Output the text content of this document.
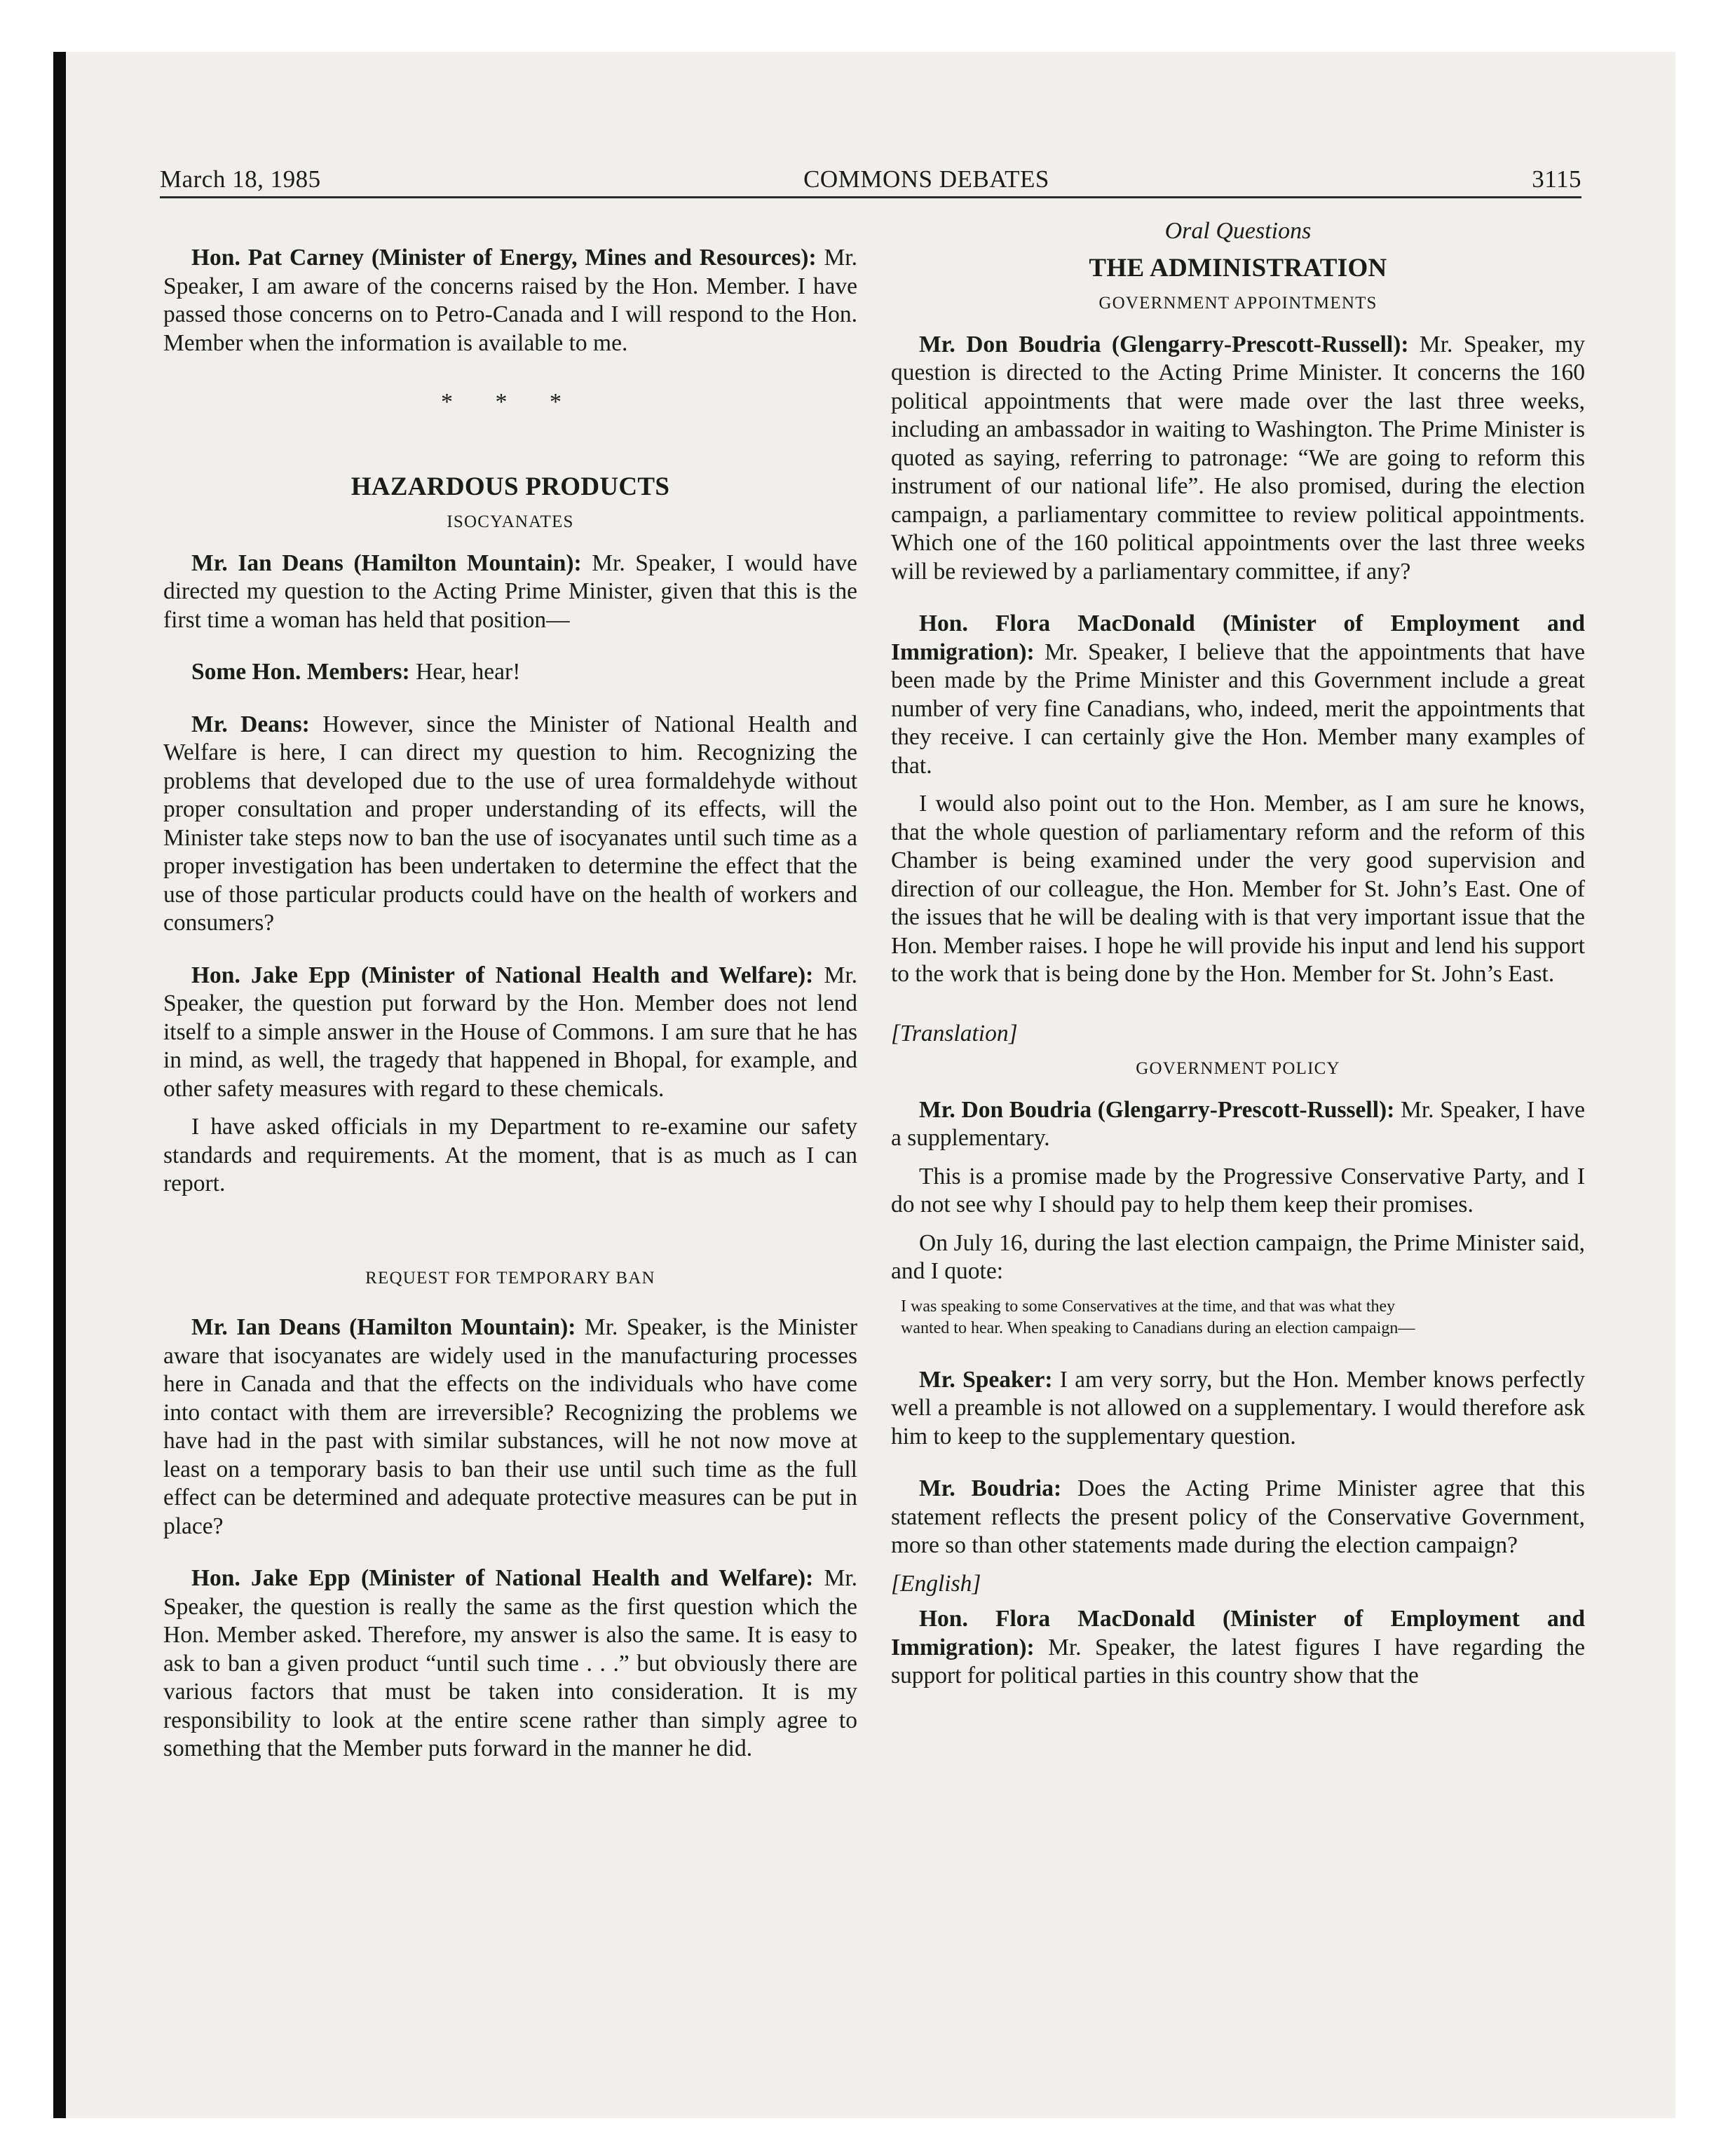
March 18, 1985	COMMONS DEBATES	3115

Hon. Pat Carney (Minister of Energy, Mines and Resources): Mr. Speaker, I am aware of the concerns raised by the Hon. Member. I have passed those concerns on to Petro-Canada and I will respond to the Hon. Member when the information is available to me.

* * *
HAZARDOUS PRODUCTS
ISOCYANATES

Mr. Ian Deans (Hamilton Mountain): Mr. Speaker, I would have directed my question to the Acting Prime Minister, given that this is the first time a woman has held that position—

Some Hon. Members: Hear, hear!

Mr. Deans: However, since the Minister of National Health and Welfare is here, I can direct my question to him. Recognizing the problems that developed due to the use of urea formaldehyde without proper consultation and proper understanding of its effects, will the Minister take steps now to ban the use of isocyanates until such time as a proper investigation has been undertaken to determine the effect that the use of those particular products could have on the health of workers and consumers?

Hon. Jake Epp (Minister of National Health and Welfare): Mr. Speaker, the question put forward by the Hon. Member does not lend itself to a simple answer in the House of Commons. I am sure that he has in mind, as well, the tragedy that happened in Bhopal, for example, and other safety measures with regard to these chemicals.

I have asked officials in my Department to re-examine our safety standards and requirements. At the moment, that is as much as I can report.

REQUEST FOR TEMPORARY BAN

Mr. Ian Deans (Hamilton Mountain): Mr. Speaker, is the Minister aware that isocyanates are widely used in the manufacturing processes here in Canada and that the effects on the individuals who have come into contact with them are irreversible? Recognizing the problems we have had in the past with similar substances, will he not now move at least on a temporary basis to ban their use until such time as the full effect can be determined and adequate protective measures can be put in place?

Hon. Jake Epp (Minister of National Health and Welfare): Mr. Speaker, the question is really the same as the first question which the Hon. Member asked. Therefore, my answer is also the same. It is easy to ask to ban a given product “until such time . . .” but obviously there are various factors that must be taken into consideration. It is my responsibility to look at the entire scene rather than simply agree to something that the Member puts forward in the manner he did.

Oral Questions
THE ADMINISTRATION
GOVERNMENT APPOINTMENTS

Mr. Don Boudria (Glengarry-Prescott-Russell): Mr. Speaker, my question is directed to the Acting Prime Minister. It concerns the 160 political appointments that were made over the last three weeks, including an ambassador in waiting to Washington. The Prime Minister is quoted as saying, referring to patronage: “We are going to reform this instrument of our national life”. He also promised, during the election campaign, a parliamentary committee to review political appointments. Which one of the 160 political appointments over the last three weeks will be reviewed by a parliamentary committee, if any?

Hon. Flora MacDonald (Minister of Employment and Immigration): Mr. Speaker, I believe that the appointments that have been made by the Prime Minister and this Government include a great number of very fine Canadians, who, indeed, merit the appointments that they receive. I can certainly give the Hon. Member many examples of that.

I would also point out to the Hon. Member, as I am sure he knows, that the whole question of parliamentary reform and the reform of this Chamber is being examined under the very good supervision and direction of our colleague, the Hon. Member for St. John’s East. One of the issues that he will be dealing with is that very important issue that the Hon. Member raises. I hope he will provide his input and lend his support to the work that is being done by the Hon. Member for St. John’s East.

[Translation]

GOVERNMENT POLICY

Mr. Don Boudria (Glengarry-Prescott-Russell): Mr. Speaker, I have a supplementary.

This is a promise made by the Progressive Conservative Party, and I do not see why I should pay to help them keep their promises.

On July 16, during the last election campaign, the Prime Minister said, and I quote:

I was speaking to some Conservatives at the time, and that was what they
wanted to hear. When speaking to Canadians during an election campaign—

Mr. Speaker: I am very sorry, but the Hon. Member knows perfectly well a preamble is not allowed on a supplementary. I would therefore ask him to keep to the supplementary question.

Mr. Boudria: Does the Acting Prime Minister agree that this statement reflects the present policy of the Conservative Government, more so than other statements made during the election campaign?

[English]

Hon. Flora MacDonald (Minister of Employment and Immigration): Mr. Speaker, the latest figures I have regarding the support for political parties in this country show that the
